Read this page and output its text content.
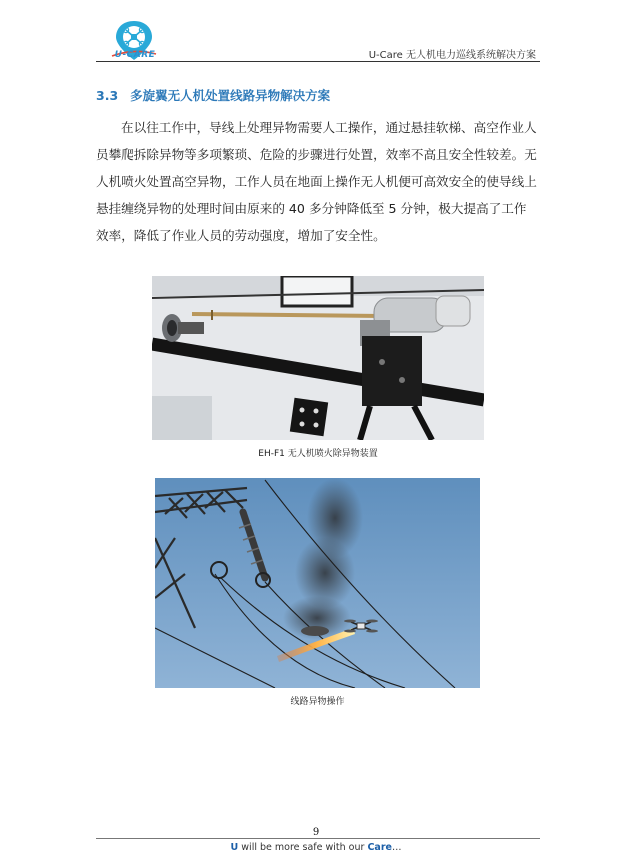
U-CARE	U-Care 无人机电力巡线系统解决方案
3.3 多旋翼无人机处置线路异物解决方案
在以往工作中，导线上处理异物需要人工操作，通过悬挂软梯、高空作业人
员攀爬拆除异物等多项繁琐、危险的步骤进行处置，效率不高且安全性较差。无
人机喷火处置高空异物，工作人员在地面上操作无人机便可高效安全的使导线上
悬挂缠绕异物的处理时间由原来的 40 多分钟降低至 5 分钟，极大提高了工作
效率，降低了作业人员的劳动强度，增加了安全性。
EH-F1 无人机喷火除异物装置
线路异物操作
9
U will be more safe with our Care…
